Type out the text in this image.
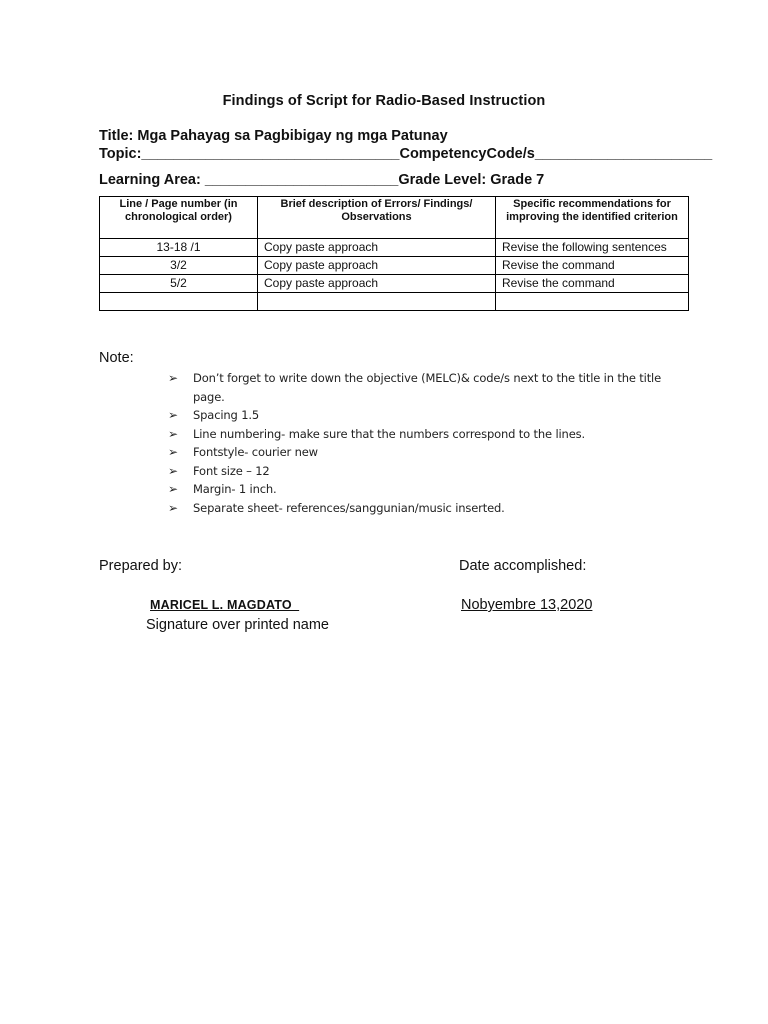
Findings of Script for Radio-Based Instruction
Title: Mga Pahayag sa Pagbibigay ng mga Patunay
Topic:________________________________CompetencyCode/s______________________
Learning Area: ________________________Grade Level: Grade 7
Line / Page number (in chronological order)	Brief description of Errors/ Findings/ Observations	Specific recommendations for improving the identified criterion
13-18 /1	Copy paste approach	Revise the following sentences
3/2	Copy paste approach	Revise the command
5/2	Copy paste approach	Revise the command

Note:
➢ Don’t forget to write down the objective (MELC)& code/s next to the title in the title page.
➢ Spacing 1.5
➢ Line numbering- make sure that the numbers correspond to the lines.
➢ Fontstyle- courier new
➢ Font size – 12
➢ Margin- 1 inch.
➢ Separate sheet- references/sanggunian/music inserted.
Prepared by:	Date accomplished:
MARICEL L. MAGDATO	Nobyembre 13,2020
Signature over printed name
